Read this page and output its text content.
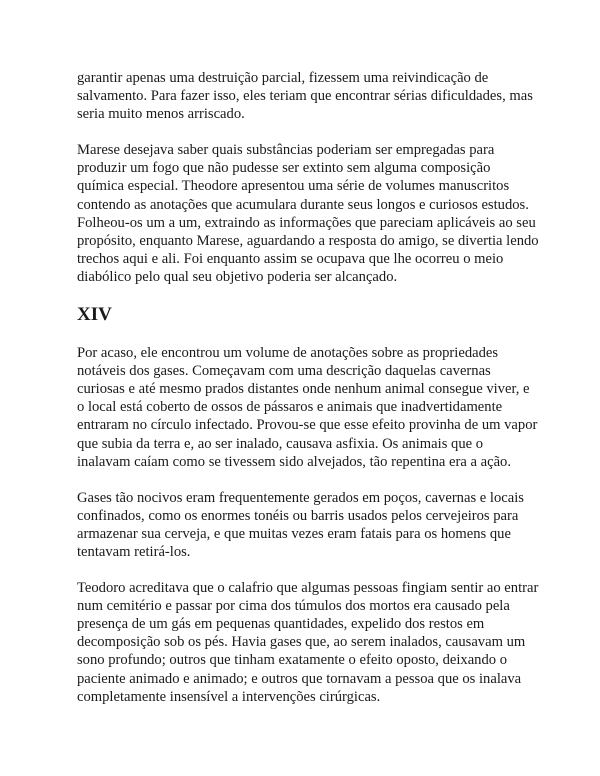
garantir apenas uma destruição parcial, fizessem uma reivindicação de salvamento. Para fazer isso, eles teriam que encontrar sérias dificuldades, mas seria muito menos arriscado.

Marese desejava saber quais substâncias poderiam ser empregadas para produzir um fogo que não pudesse ser extinto sem alguma composição química especial. Theodore apresentou uma série de volumes manuscritos contendo as anotações que acumulara durante seus longos e curiosos estudos. Folheou-os um a um, extraindo as informações que pareciam aplicáveis ao seu propósito, enquanto Marese, aguardando a resposta do amigo, se divertia lendo trechos aqui e ali. Foi enquanto assim se ocupava que lhe ocorreu o meio diabólico pelo qual seu objetivo poderia ser alcançado.

XIV

Por acaso, ele encontrou um volume de anotações sobre as propriedades notáveis dos gases. Começavam com uma descrição daquelas cavernas curiosas e até mesmo prados distantes onde nenhum animal consegue viver, e o local está coberto de ossos de pássaros e animais que inadvertidamente entraram no círculo infectado. Provou-se que esse efeito provinha de um vapor que subia da terra e, ao ser inalado, causava asfixia. Os animais que o inalavam caíam como se tivessem sido alvejados, tão repentina era a ação.

Gases tão nocivos eram frequentemente gerados em poços, cavernas e locais confinados, como os enormes tonéis ou barris usados pelos cervejeiros para armazenar sua cerveja, e que muitas vezes eram fatais para os homens que tentavam retirá-los.

Teodoro acreditava que o calafrio que algumas pessoas fingiam sentir ao entrar num cemitério e passar por cima dos túmulos dos mortos era causado pela presença de um gás em pequenas quantidades, expelido dos restos em decomposição sob os pés. Havia gases que, ao serem inalados, causavam um sono profundo; outros que tinham exatamente o efeito oposto, deixando o paciente animado e animado; e outros que tornavam a pessoa que os inalava completamente insensível a intervenções cirúrgicas.
